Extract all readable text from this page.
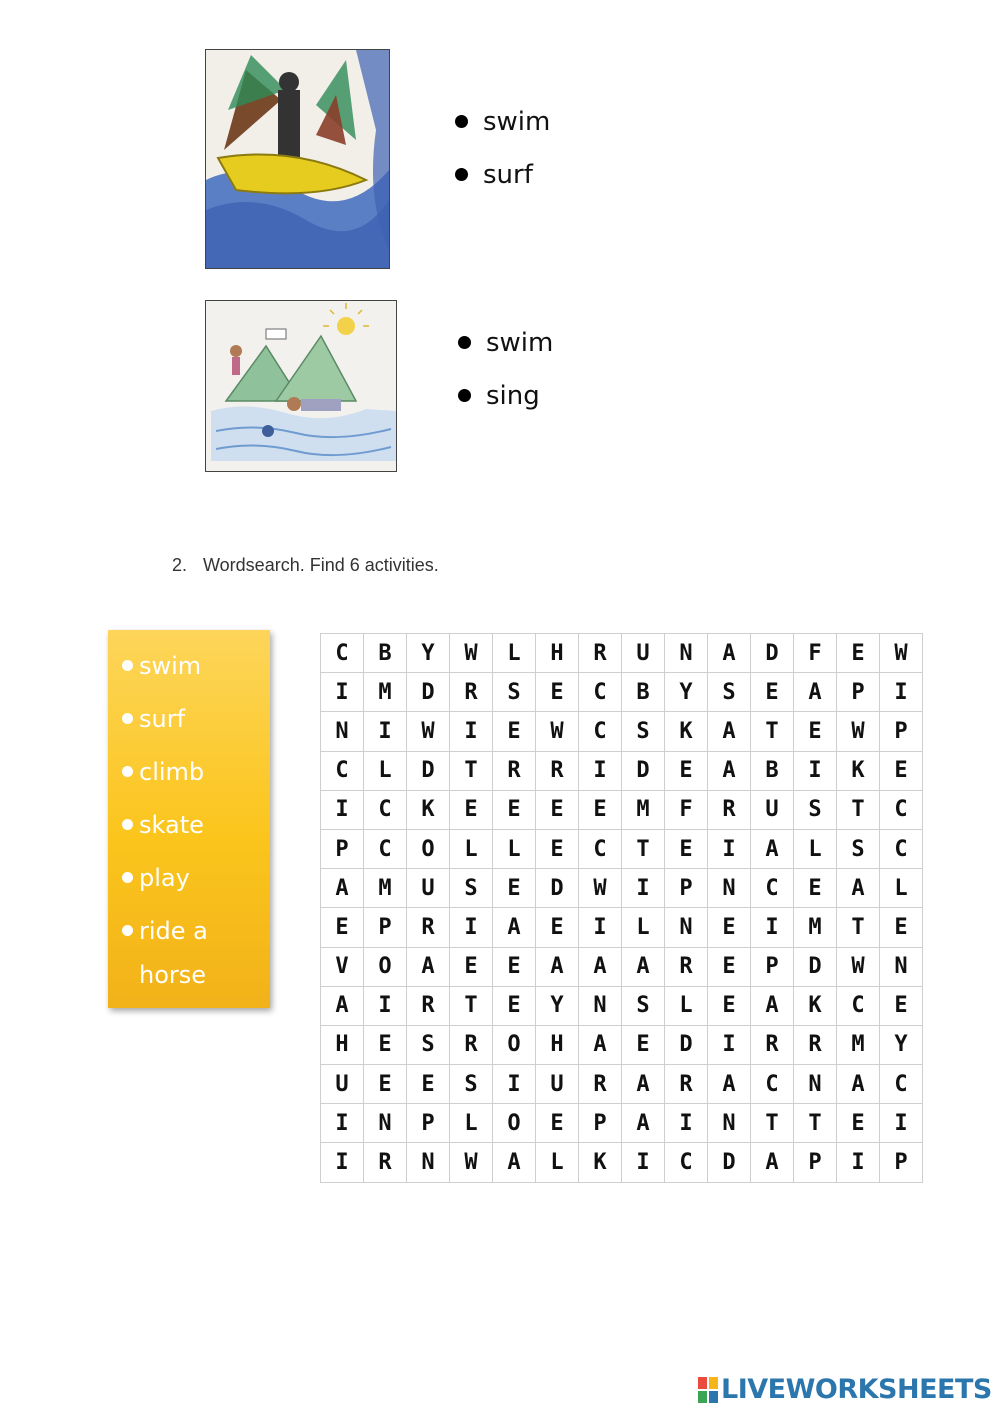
swim
surf
swim
sing
2. Wordsearch. Find 6 activities.
swim
surf
climb
skate
play
ride a horse
C	B	Y	W	L	H	R	U	N	A	D	F	E	W
I	M	D	R	S	E	C	B	Y	S	E	A	P	I
N	I	W	I	E	W	C	S	K	A	T	E	W	P
C	L	D	T	R	R	I	D	E	A	B	I	K	E
I	C	K	E	E	E	E	M	F	R	U	S	T	C
P	C	O	L	L	E	C	T	E	I	A	L	S	C
A	M	U	S	E	D	W	I	P	N	C	E	A	L
E	P	R	I	A	E	I	L	N	E	I	M	T	E
V	O	A	E	E	A	A	A	R	E	P	D	W	N
A	I	R	T	E	Y	N	S	L	E	A	K	C	E
H	E	S	R	O	H	A	E	D	I	R	R	M	Y
U	E	E	S	I	U	R	A	R	A	C	N	A	C
I	N	P	L	O	E	P	A	I	N	T	T	E	I
I	R	N	W	A	L	K	I	C	D	A	P	I	P
LIVEWORKSHEETS
